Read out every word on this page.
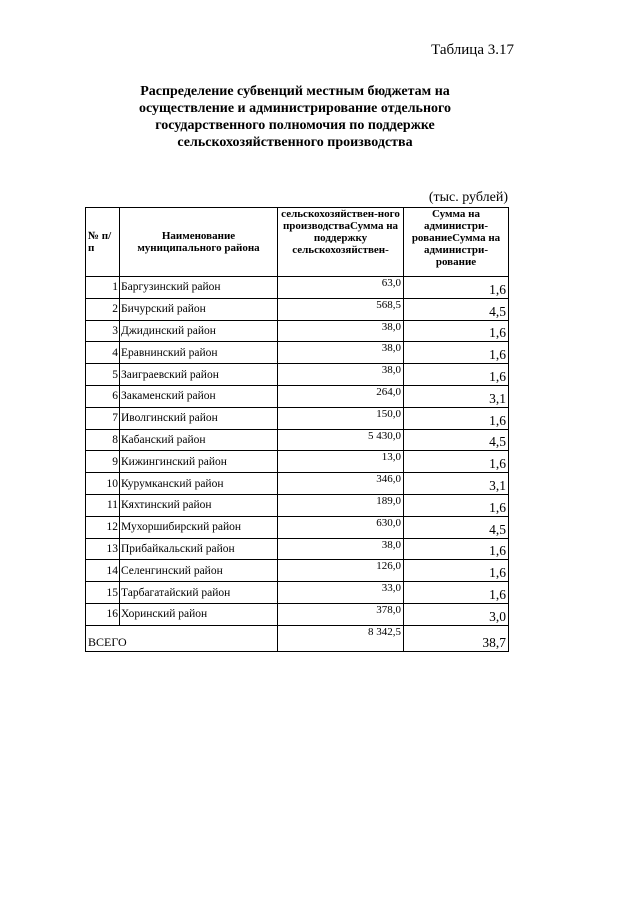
Таблица 3.17
Распределение субвенций местным бюджетам на
осуществление и администрирование отдельного
государственного полномочия по поддержке
сельскохозяйственного производства
(тыс. рублей)
№ п/п	Наименование муниципального района	сельскохозяйствен-ного производстваСумма на поддержку сельскохозяйствен-	Сумма на администри-рованиеСумма на администри-рование

1	Баргузинский район	63,0	1,6
2	Бичурский район	568,5	4,5
3	Джидинский район	38,0	1,6
4	Еравнинский район	38,0	1,6
5	Заиграевский район	38,0	1,6
6	Закаменский район	264,0	3,1
7	Иволгинский район	150,0	1,6
8	Кабанский район	5 430,0	4,5
9	Кижингинский район	13,0	1,6
10	Курумканский район	346,0	3,1
11	Кяхтинский район	189,0	1,6
12	Мухоршибирский район	630,0	4,5
13	Прибайкальский район	38,0	1,6
14	Селенгинский район	126,0	1,6
15	Тарбагатайский район	33,0	1,6
16	Хоринский район	378,0	3,0
ВСЕГО		8 342,5	38,7
